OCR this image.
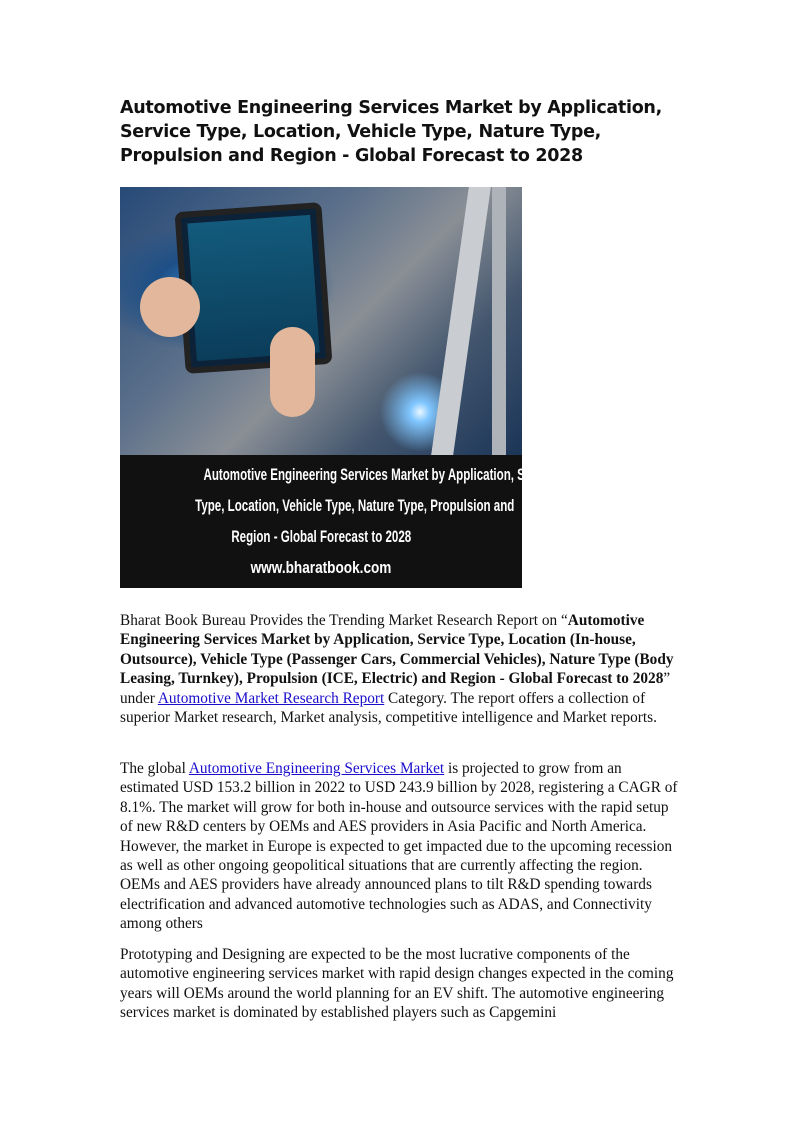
Automotive Engineering Services Market by Application, Service Type, Location, Vehicle Type, Nature Type, Propulsion and Region - Global Forecast to 2028
Automotive Engineering Services Market by Application, Service
Type, Location, Vehicle Type, Nature Type, Propulsion and
Region - Global Forecast to 2028
www.bharatbook.com
Bharat Book Bureau Provides the Trending Market Research Report on “Automotive Engineering Services Market by Application, Service Type, Location (In-house, Outsource), Vehicle Type (Passenger Cars, Commercial Vehicles), Nature Type (Body Leasing, Turnkey), Propulsion (ICE, Electric) and Region - Global Forecast to 2028” under Automotive Market Research Report Category. The report offers a collection of superior Market research, Market analysis, competitive intelligence and Market reports.
The global Automotive Engineering Services Market is projected to grow from an estimated USD 153.2 billion in 2022 to USD 243.9 billion by 2028, registering a CAGR of 8.1%. The market will grow for both in-house and outsource services with the rapid setup of new R&D centers by OEMs and AES providers in Asia Pacific and North America. However, the market in Europe is expected to get impacted due to the upcoming recession as well as other ongoing geopolitical situations that are currently affecting the region. OEMs and AES providers have already announced plans to tilt R&D spending towards electrification and advanced automotive technologies such as ADAS, and Connectivity among others
Prototyping and Designing are expected to be the most lucrative components of the automotive engineering services market with rapid design changes expected in the coming years will OEMs around the world planning for an EV shift. The automotive engineering services market is dominated by established players such as Capgemini
